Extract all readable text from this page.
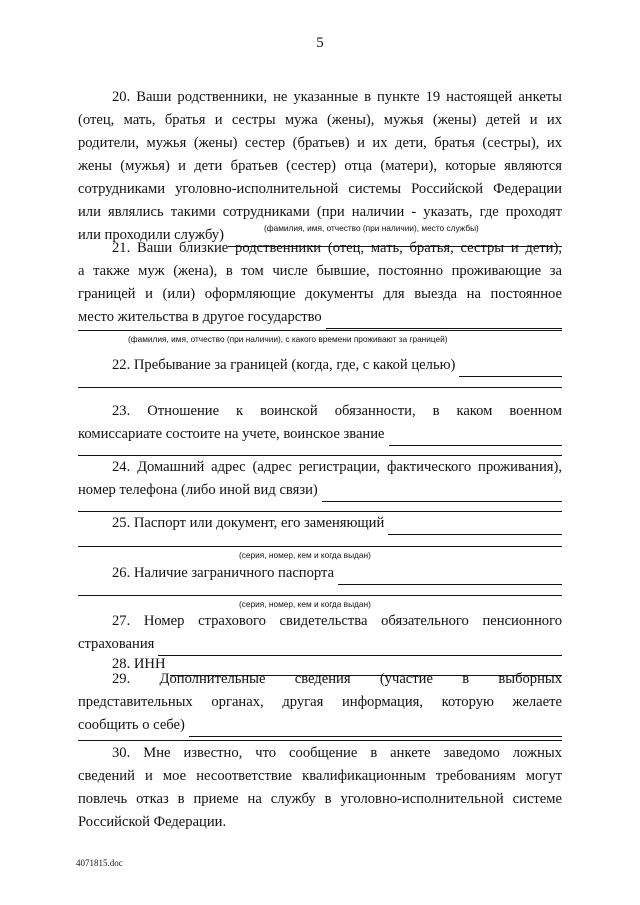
5
20. Ваши родственники, не указанные в пункте 19 настоящей анкеты
(отец, мать, братья и сестры мужа (жены), мужья (жены) детей и их
родители, мужья (жены) сестер (братьев) и их дети, братья (сестры), их
жены (мужья) и дети братьев (сестер) отца (матери), которые являются
сотрудниками уголовно-исполнительной системы Российской Федерации
или являлись такими сотрудниками (при наличии - указать, где проходят
или проходили службу)	(фамилия, имя, отчество (при наличии), место службы)
21. Ваши близкие родственники (отец, мать, братья, сестры и дети),
а также муж (жена), в том числе бывшие, постоянно проживающие за
границей и (или) оформляющие документы для выезда на постоянное
место жительства в другое государство
(фамилия, имя, отчество (при наличии), с какого времени проживают за границей)
22. Пребывание за границей (когда, где, с какой целью)
23. Отношение к воинской обязанности, в каком военном
комиссариате состоите на учете, воинское звание
24. Домашний адрес (адрес регистрации, фактического проживания),
номер телефона (либо иной вид связи)
25. Паспорт или документ, его заменяющий
(серия, номер, кем и когда выдан)
26. Наличие заграничного паспорта
(серия, номер, кем и когда выдан)
27. Номер страхового свидетельства обязательного пенсионного
страхования
28. ИНН
29. Дополнительные сведения (участие в выборных
представительных органах, другая информация, которую желаете
сообщить о себе)
30. Мне известно, что сообщение в анкете заведомо ложных
сведений и мое несоответствие квалификационным требованиям могут
повлечь отказ в приеме на службу в уголовно-исполнительной системе
Российской Федерации.
4071815.doc
